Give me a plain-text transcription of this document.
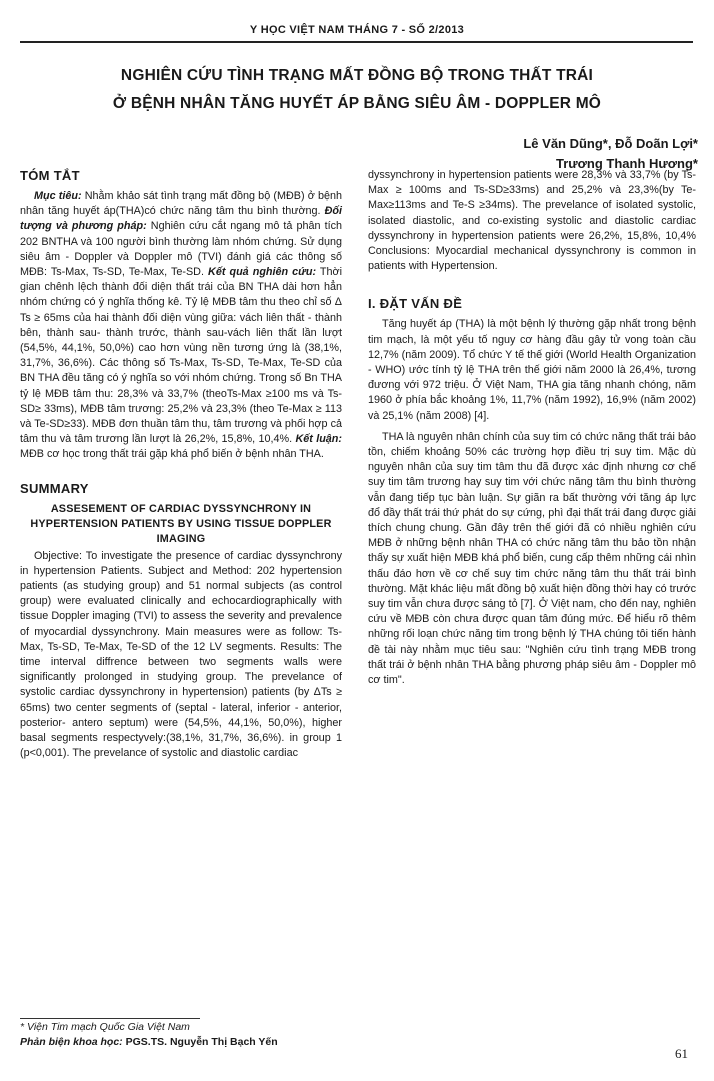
Y HỌC VIỆT NAM THÁNG 7 - SỐ 2/2013
NGHIÊN CỨU TÌNH TRẠNG MẤT ĐỒNG BỘ TRONG THẤT TRÁI
Ở BỆNH NHÂN TĂNG HUYẾT ÁP BẰNG SIÊU ÂM - DOPPLER MÔ
Lê Văn Dũng*, Đỗ Doãn Lợi*
Trương Thanh Hương*
TÓM TẮT

Mục tiêu: Nhằm khảo sát tình trạng mất đồng bộ (MĐB) ở bệnh nhân tăng huyết áp(THA)có chức năng tâm thu bình thường. Đối tượng và phương pháp: Nghiên cứu cắt ngang mô tả phân tích 202 BNTHA và 100 người bình thường làm nhóm chứng. Sử dụng siêu âm - Doppler và Doppler mô (TVI) đánh giá các thông số MĐB: Ts-Max, Ts-SD, Te-Max, Te-SD. Kết quả nghiên cứu: Thời gian chênh lệch thành đối diện thất trái của BN THA dài hơn hẳn nhóm chứng có ý nghĩa thống kê. Tỷ lệ MĐB tâm thu theo chỉ số Δ Ts ≥ 65ms của hai thành đối diện vùng giữa: vách liên thất - thành bên, thành sau- thành trước, thành sau-vách liên thất lần lượt (54,5%, 44,1%, 50,0%) cao hơn vùng nền tương ứng là (38,1%, 31,7%, 36,6%). Các thông số Ts-Max, Ts-SD, Te-Max, Te-SD của BN THA đều tăng có ý nghĩa so với nhóm chứng. Trong số Bn THA tỷ lệ MĐB tâm thu: 28,3% và 33,7% (theoTs-Max ≥100 ms và Ts-SD≥ 33ms), MĐB tâm trương: 25,2% và 23,3% (theo Te-Max ≥ 113 và Te-SD≥33). MĐB đơn thuần tâm thu, tâm trương và phối hợp cả tâm thu và tâm trương lần lượt là 26,2%, 15,8%, 10,4%. Kết luận: MĐB cơ học trong thất trái gặp khá phổ biến ở bệnh nhân THA.

SUMMARY
ASSESEMENT OF CARDIAC DYSSYNCHRONY IN HYPERTENSION PATIENTS BY USING TISSUE DOPPLER IMAGING

Objective: To investigate the presence of cardiac dyssynchrony in hypertension Patients. Subject and Method: 202 hypertension patients (as studying group) and 51 normal subjects (as control group) were evaluated clinically and echocardiographically with tissue Doppler imaging (TVI) to assess the severity and prevalence of myocardial dyssynchrony. Main measures were as follow: Ts-Max, Ts-SD, Te-Max, Te-SD of the 12 LV segments. Results: The time interval diffrence between two segments walls were significantly prolonged in studying group. The prevelance of systolic cardiac dyssynchrony in hypertension) patients (by ΔTs ≥ 65ms) two center segments of (septal - lateral, inferior - anterior, posterior- antero septum) were (54,5%, 44,1%, 50,0%), higher basal segments respectyvely:(38,1%, 31,7%, 36,6%). in group 1 (p<0,001). The prevelance of systolic and diastolic cardiac

dyssynchrony in hypertension patients were 28,3% và 33,7% (by Ts-Max ≥ 100ms and Ts-SD≥33ms) and 25,2% và 23,3%(by Te-Max≥113ms and Te-S ≥34ms). The prevelance of isolated systolic, isolated diastolic, and co-existing systolic and diastolic cardiac dyssynchrony in hypertension patients were 26,2%, 15,8%, 10,4% Conclusions: Myocardial mechanical dyssynchrony is common in patients with Hypertension.

I. ĐẶT VẤN ĐỀ

Tăng huyết áp (THA) là một bệnh lý thường gặp nhất trong bệnh tim mạch, là một yếu tố nguy cơ hàng đầu gây tử vong toàn cầu 12,7% (năm 2009). Tổ chức Y tế thế giới (World Health Organization - WHO) ước tính tỷ lệ THA trên thế giới năm 2000 là 26,4%, tương đương với 972 triệu. Ở Việt Nam, THA gia tăng nhanh chóng, năm 1960 ở phía bắc khoảng 1%, 11,7% (năm 1992), 16,9% (năm 2002) và 25,1% (năm 2008) [4].

THA là nguyên nhân chính của suy tim có chức năng thất trái bảo tồn, chiếm khoảng 50% các trường hợp điều trị suy tim. Mặc dù nguyên nhân của suy tim tâm thu đã được xác định nhưng cơ chế suy tim tâm trương hay suy tim với chức năng tâm thu bình thường vẫn đang tiếp tục bàn luận. Sự giãn ra bất thường với tăng áp lực đổ đầy thất trái thứ phát do sự cứng, phì đại thất trái đang được giải thích chung chung. Gần đây trên thế giới đã có nhiều nghiên cứu MĐB ở những bệnh nhân THA có chức năng tâm thu bảo tồn nhận thấy sự xuất hiện MĐB khá phổ biến, cung cấp thêm những cái nhìn thấu đáo hơn về cơ chế suy tim chức năng tâm thu thất trái bình thường. Mặt khác liệu mất đồng bộ xuất hiện đồng thời hay có trước suy tim vẫn chưa được sáng tỏ [7]. Ở Việt nam, cho đến nay, nghiên cứu về MĐB còn chưa được quan tâm đúng mức. Để hiểu rõ thêm những rối loạn chức năng tim trong bệnh lý THA chúng tôi tiến hành đề tài này nhằm mục tiêu sau: "Nghiên cứu tình trạng MĐB trong thất trái ở bệnh nhân THA bằng phương pháp siêu âm - Doppler mô cơ tim".

* Viện Tim mạch Quốc Gia Việt Nam
Phản biện khoa học: PGS.TS. Nguyễn Thị Bạch Yến
61
